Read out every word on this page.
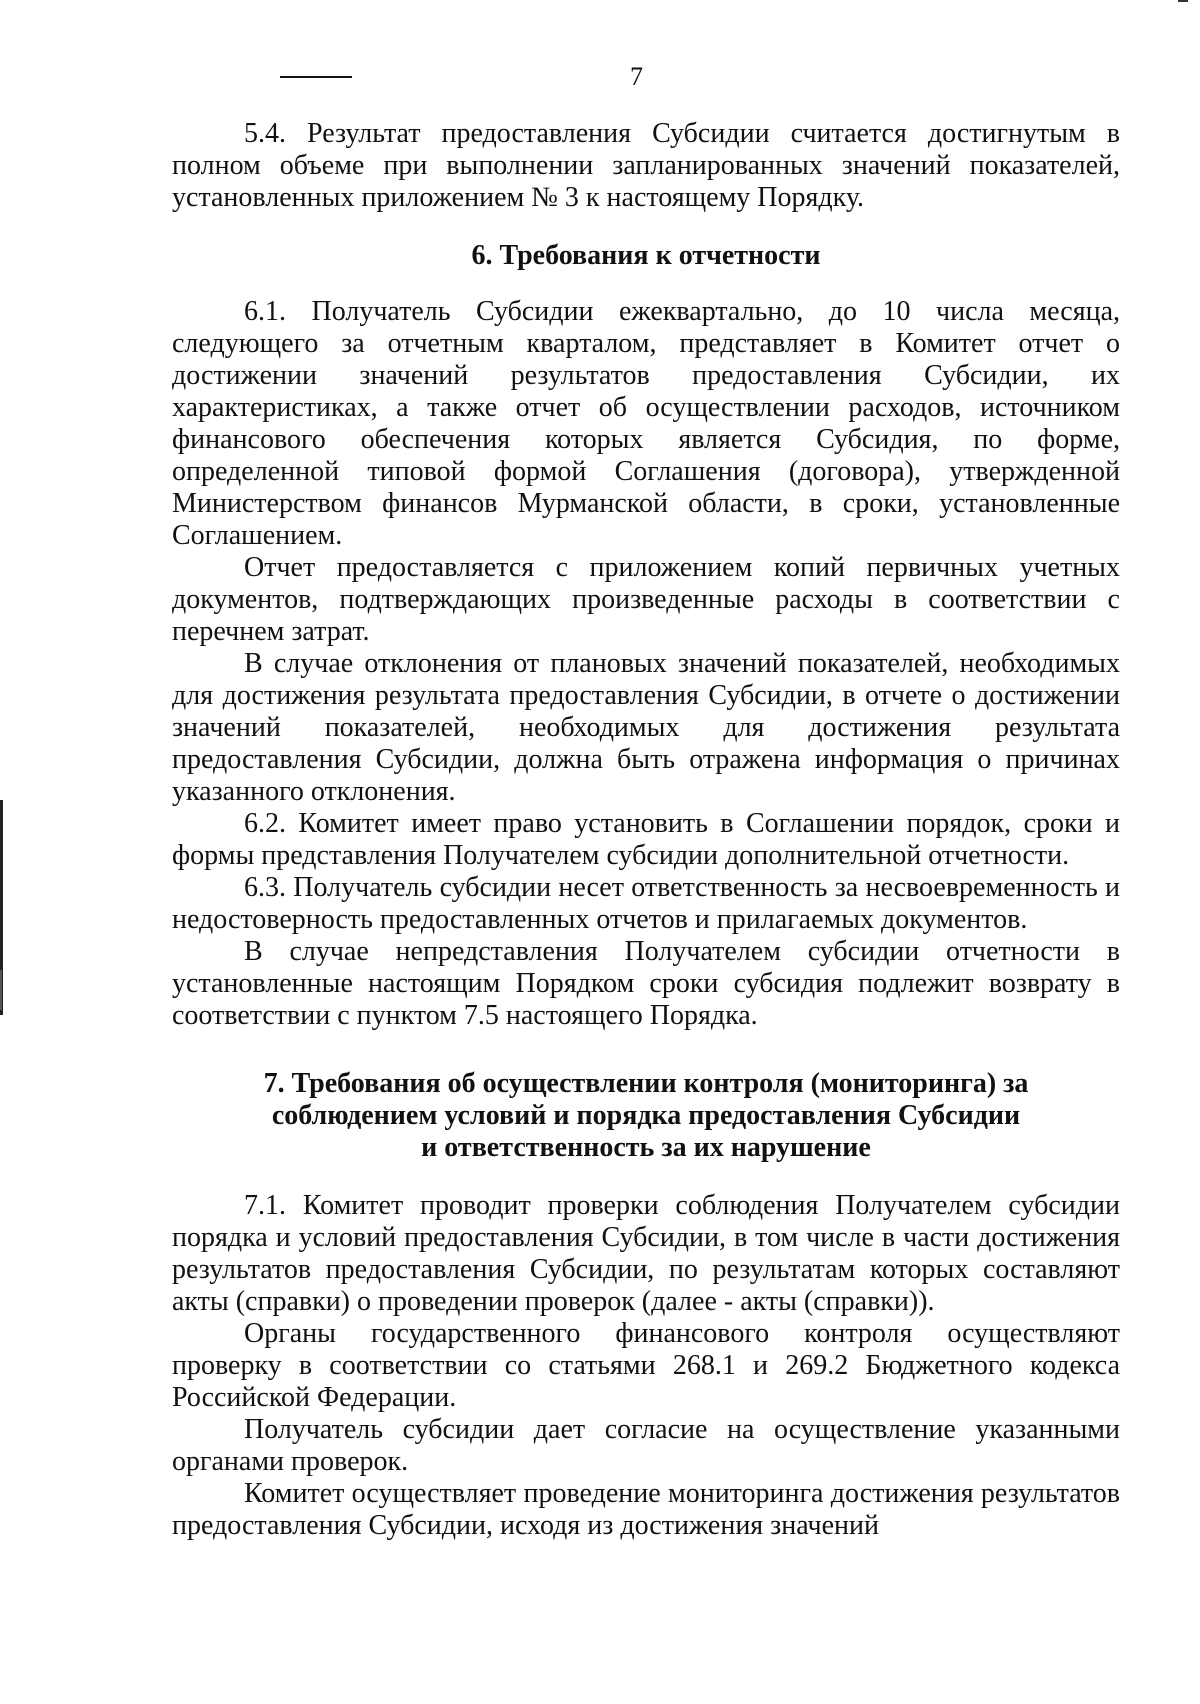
7

5.4. Результат предоставления Субсидии считается достигнутым в полном объеме при выполнении запланированных значений показателей, установленных приложением № 3 к настоящему Порядку.

6. Требования к отчетности

6.1. Получатель Субсидии ежеквартально, до 10 числа месяца, следующего за отчетным кварталом, представляет в Комитет отчет о достижении значений результатов предоставления Субсидии, их характеристиках, а также отчет об осуществлении расходов, источником финансового обеспечения которых является Субсидия, по форме, определенной типовой формой Соглашения (договора), утвержденной Министерством финансов Мурманской области, в сроки, установленные Соглашением.

Отчет предоставляется с приложением копий первичных учетных документов, подтверждающих произведенные расходы в соответствии с перечнем затрат.

В случае отклонения от плановых значений показателей, необходимых для достижения результата предоставления Субсидии, в отчете о достижении значений показателей, необходимых для достижения результата предоставления Субсидии, должна быть отражена информация о причинах указанного отклонения.

6.2. Комитет имеет право установить в Соглашении порядок, сроки и формы представления Получателем субсидии дополнительной отчетности.

6.3. Получатель субсидии несет ответственность за несвоевременность и недостоверность предоставленных отчетов и прилагаемых документов.

В случае непредставления Получателем субсидии отчетности в установленные настоящим Порядком сроки субсидия подлежит возврату в соответствии с пунктом 7.5 настоящего Порядка.

7. Требования об осуществлении контроля (мониторинга) за
соблюдением условий и порядка предоставления Субсидии
и ответственность за их нарушение

7.1. Комитет проводит проверки соблюдения Получателем субсидии порядка и условий предоставления Субсидии, в том числе в части достижения результатов предоставления Субсидии, по результатам которых составляют акты (справки) о проведении проверок (далее - акты (справки)).

Органы государственного финансового контроля осуществляют проверку в соответствии со статьями 268.1 и 269.2 Бюджетного кодекса Российской Федерации.

Получатель субсидии дает согласие на осуществление указанными органами проверок.

Комитет осуществляет проведение мониторинга достижения результатов предоставления Субсидии, исходя из достижения значений
